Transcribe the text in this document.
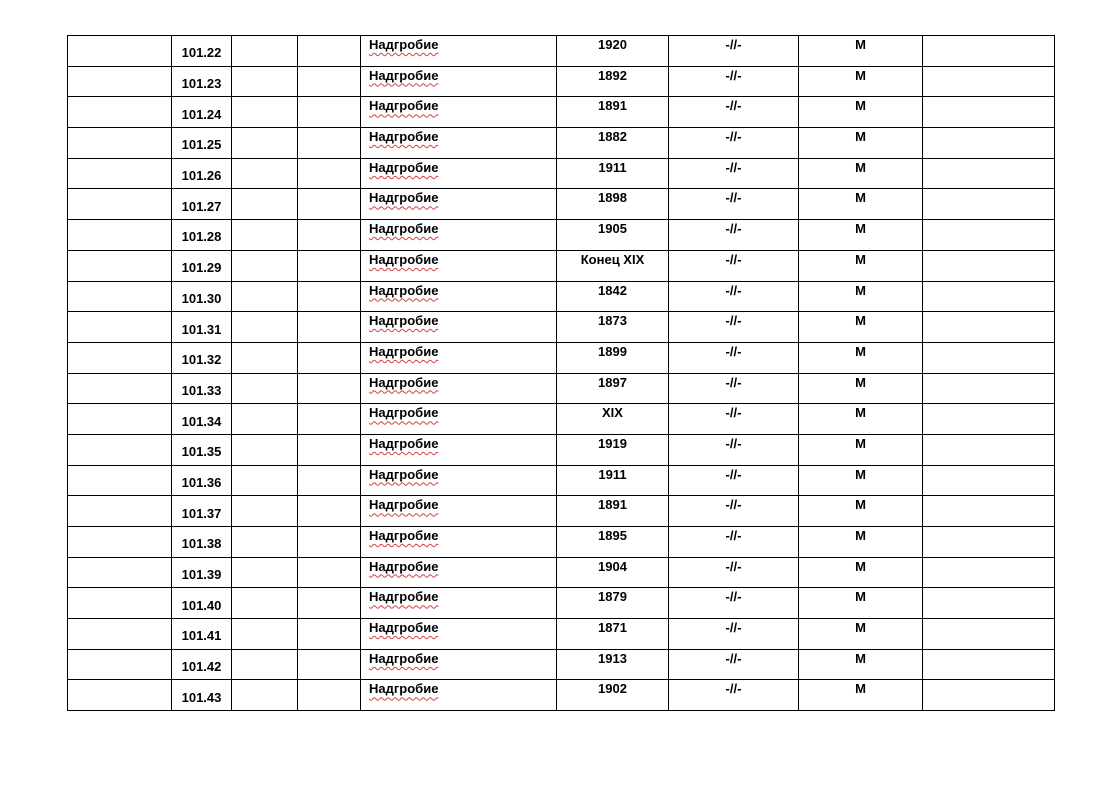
	101.22			Надгробие	1920	-//-	М	
	101.23			Надгробие	1892	-//-	М	
	101.24			Надгробие	1891	-//-	М	
	101.25			Надгробие	1882	-//-	М	
	101.26			Надгробие	1911	-//-	М	
	101.27			Надгробие	1898	-//-	М	
	101.28			Надгробие	1905	-//-	М	
	101.29			Надгробие	Конец XIX	-//-	М	
	101.30			Надгробие	1842	-//-	М	
	101.31			Надгробие	1873	-//-	М	
	101.32			Надгробие	1899	-//-	М	
	101.33			Надгробие	1897	-//-	М	
	101.34			Надгробие	XIX	-//-	М	
	101.35			Надгробие	1919	-//-	М	
	101.36			Надгробие	1911	-//-	М	
	101.37			Надгробие	1891	-//-	М	
	101.38			Надгробие	1895	-//-	М	
	101.39			Надгробие	1904	-//-	М	
	101.40			Надгробие	1879	-//-	М	
	101.41			Надгробие	1871	-//-	М	
	101.42			Надгробие	1913	-//-	М	
	101.43			Надгробие	1902	-//-	М	
